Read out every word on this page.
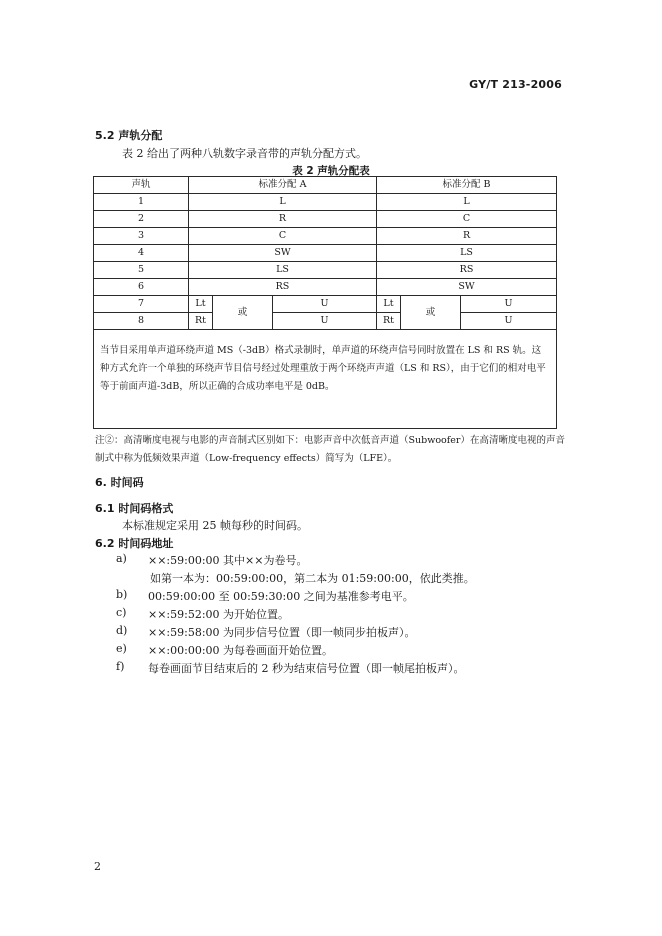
GY/T 213-2006
5.2 声轨分配
表 2 给出了两种八轨数字录音带的声轨分配方式。
表 2 声轨分配表
声轨	标准分配 A			标准分配 B		
1	L			L		
2	R			C		
3	C			R		
4	SW			LS		
5	LS			RS		
6	RS			SW		
7	Lt	或	U	Lt	或	U
8	Rt		U	Rt		U
当节目采用单声道环绕声道 MS（-3dB）格式录制时，单声道的环绕声信号同时放置在 LS 和 RS 轨。这种方式允许一个单独的环绕声节目信号经过处理重放于两个环绕声声道（LS 和 RS），由于它们的相对电平等于前面声道-3dB，所以正确的合成功率电平是 0dB。						
注②：高清晰度电视与电影的声音制式区别如下：电影声音中次低音声道（Subwoofer）在高清晰度电视的声音制式中称为低频效果声道（Low-frequency effects）简写为（LFE）。
6. 时间码
6.1 时间码格式
本标准规定采用 25 帧每秒的时间码。
6.2 时间码地址
a) ××:59:00:00 其中××为卷号。
如第一本为：00:59:00:00，第二本为 01:59:00:00，依此类推。
b) 00:59:00:00 至 00:59:30:00 之间为基准参考电平。
c) ××:59:52:00 为开始位置。
d) ××:59:58:00 为同步信号位置（即一帧同步拍板声）。
e) ××:00:00:00 为每卷画面开始位置。
f) 每卷画面节目结束后的 2 秒为结束信号位置（即一帧尾拍板声）。
2
